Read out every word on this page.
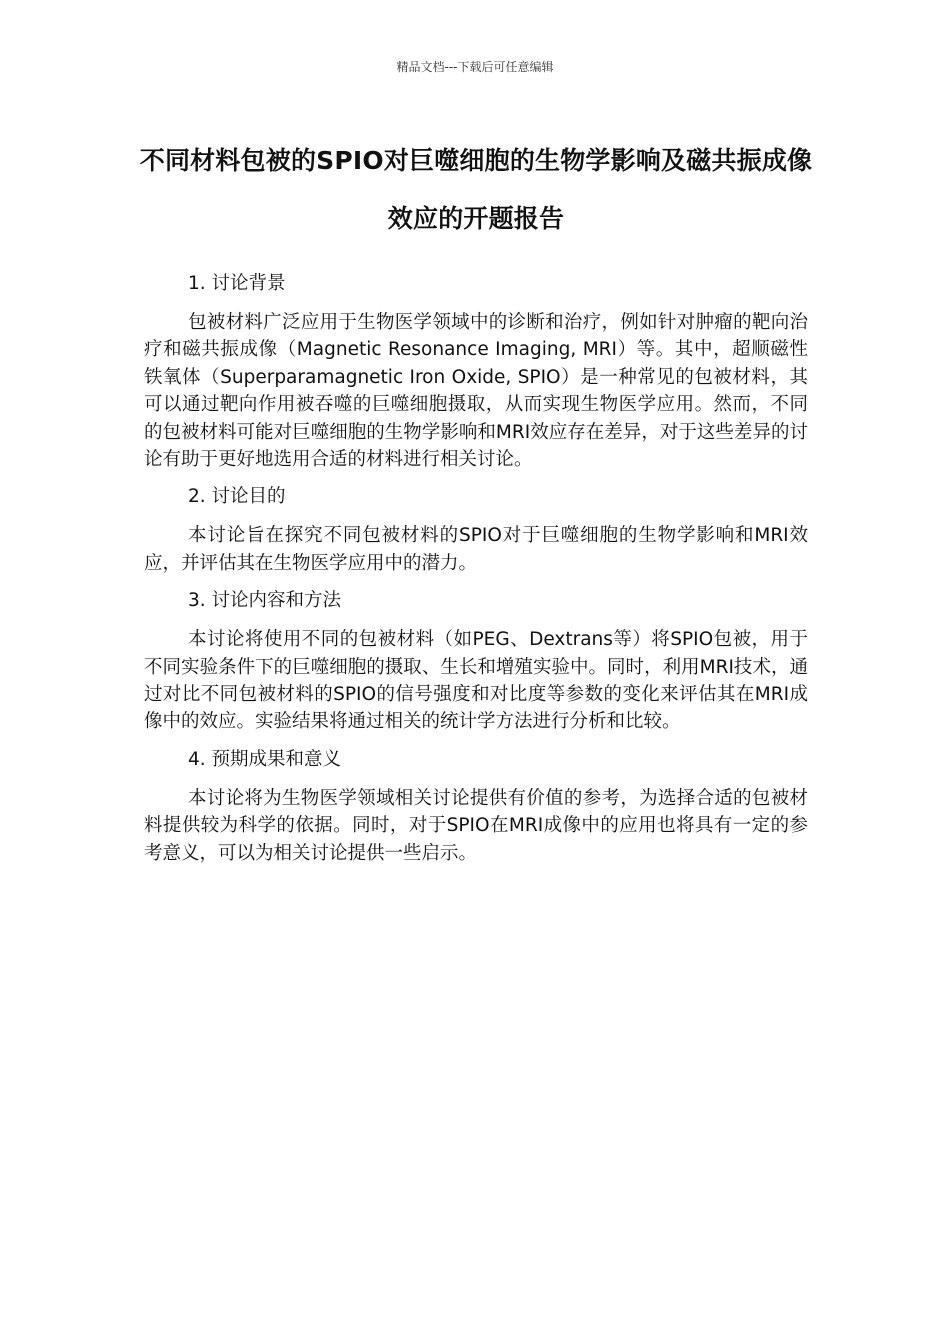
精品文档---下载后可任意编辑
不同材料包被的SPIO对巨噬细胞的生物学影响及磁共振成像效应的开题报告
1. 讨论背景

包被材料广泛应用于生物医学领域中的诊断和治疗，例如针对肿瘤的靶向治疗和磁共振成像（Magnetic Resonance Imaging, MRI）等。其中，超顺磁性铁氧体（Superparamagnetic Iron Oxide, SPIO）是一种常见的包被材料，其可以通过靶向作用被吞噬的巨噬细胞摄取，从而实现生物医学应用。然而，不同的包被材料可能对巨噬细胞的生物学影响和MRI效应存在差异，对于这些差异的讨论有助于更好地选用合适的材料进行相关讨论。

2. 讨论目的

本讨论旨在探究不同包被材料的SPIO对于巨噬细胞的生物学影响和MRI效应，并评估其在生物医学应用中的潜力。

3. 讨论内容和方法

本讨论将使用不同的包被材料（如PEG、Dextrans等）将SPIO包被，用于不同实验条件下的巨噬细胞的摄取、生长和增殖实验中。同时，利用MRI技术，通过对比不同包被材料的SPIO的信号强度和对比度等参数的变化来评估其在MRI成像中的效应。实验结果将通过相关的统计学方法进行分析和比较。

4. 预期成果和意义

本讨论将为生物医学领域相关讨论提供有价值的参考，为选择合适的包被材料提供较为科学的依据。同时，对于SPIO在MRI成像中的应用也将具有一定的参考意义，可以为相关讨论提供一些启示。
